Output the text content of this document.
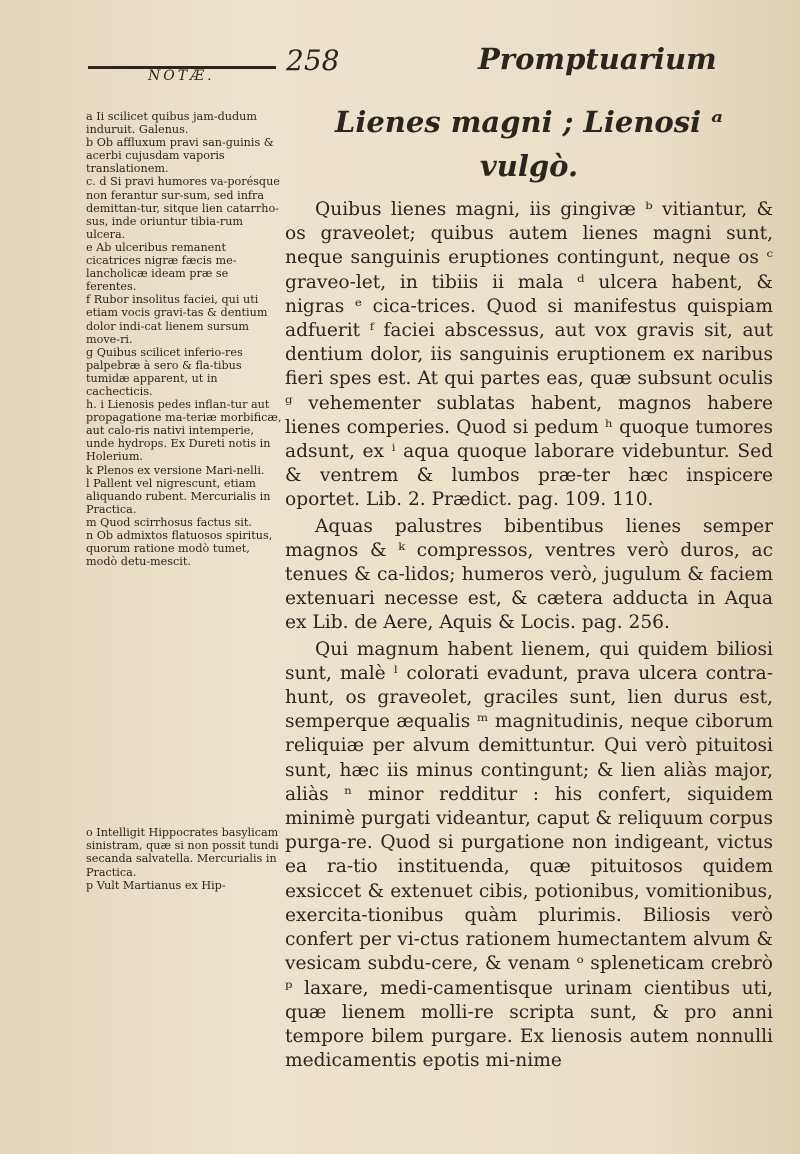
NOTÆ.	258	Promptuarium

a Ii scilicet quibus jam-dudum induruit. Galenus.

b Ob affluxum pravi san-guinis & acerbi cujusdam vaporis translationem.

c. d Si pravi humores va-porésque non ferantur sur-sum, sed infra demittan-tur, sitque lien catarrho-sus, inde oriuntur tibia-rum ulcera.

e Ab ulceribus remanent cicatrices nigræ fæcis me-lancholicæ ideam præ se ferentes.

f Rubor insolitus faciei, qui uti etiam vocis gravi-tas & dentium dolor indi-cat lienem sursum move-ri.

g Quibus scilicet inferio-res palpebræ à sero & fla-tibus tumidæ apparent, ut in cachecticis.

h. i Lienosis pedes inflan-tur aut propagatione ma-teriæ morbificæ, aut calo-ris nativi intemperie, unde hydrops. Ex Dureti notis in Holerium.

k Plenos ex versione Mari-nelli.

l Pallent vel nigrescunt, etiam aliquando rubent. Mercurialis in Practica.

m Quod scirrhosus factus sit.

n Ob admixtos flatuosos spiritus, quorum ratione modò tumet, modò detu-mescit.

o Intelligit Hippocrates basylicam sinistram, quæ si non possit tundi secanda salvatella. Mercurialis in Practica.

p Vult Martianus ex Hip-

Lienes magni ; Lienosi ᵃ vulgò.

Quibus lienes magni, iis gingivæ ᵇ vitiantur, & os graveolet; quibus autem lienes magni sunt, neque sanguinis eruptiones contingunt, neque os ᶜ graveo-let, in tibiis ii mala ᵈ ulcera habent, & nigras ᵉ cica-trices. Quod si manifestus quispiam adfuerit ᶠ faciei abscessus, aut vox gravis sit, aut dentium dolor, iis sanguinis eruptionem ex naribus fieri spes est. At qui partes eas, quæ subsunt oculis ᵍ vehementer sublatas habent, magnos habere lienes comperies. Quod si pedum ʰ quoque tumores adsunt, ex ⁱ aqua quoque laborare videbuntur. Sed & ventrem & lumbos præ-ter hæc inspicere oportet. Lib. 2. Prædict. pag. 109. 110.

Aquas palustres bibentibus lienes semper magnos & ᵏ compressos, ventres verò duros, ac tenues & ca-lidos; humeros verò, jugulum & faciem extenuari necesse est, & cætera adducta in Aqua ex Lib. de Aere, Aquis & Locis. pag. 256.

Qui magnum habent lienem, qui quidem biliosi sunt, malè ˡ colorati evadunt, prava ulcera contra-hunt, os graveolet, graciles sunt, lien durus est, semperque æqualis ᵐ magnitudinis, neque ciborum reliquiæ per alvum demittuntur. Qui verò pituitosi sunt, hæc iis minus contingunt; & lien aliàs major, aliàs ⁿ minor redditur : his confert, siquidem minimè purgati videantur, caput & reliquum corpus purga-re. Quod si purgatione non indigeant, victus ea ra-tio instituenda, quæ pituitosos quidem exsiccet & extenuet cibis, potionibus, vomitionibus, exercita-tionibus quàm plurimis. Biliosis verò confert per vi-ctus rationem humectantem alvum & vesicam subdu-cere, & venam ᵒ spleneticam crebrò ᵖ laxare, medi-camentisque urinam cientibus uti, quæ lienem molli-re scripta sunt, & pro anni tempore bilem purgare. Ex lienosis autem nonnulli medicamentis epotis mi-nime
